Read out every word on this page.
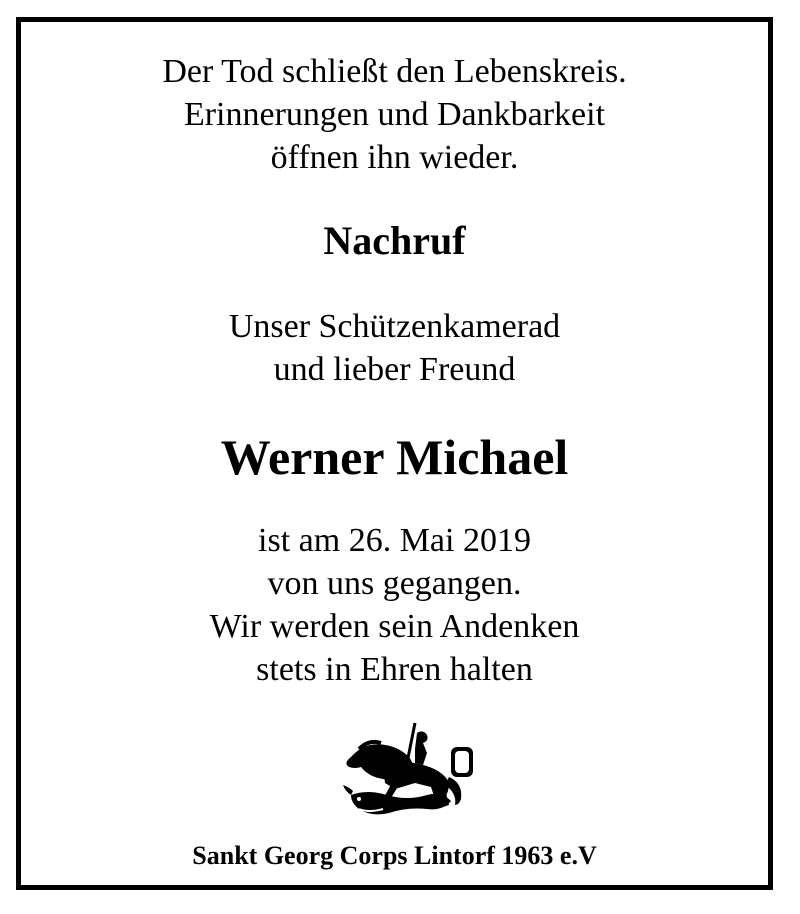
Der Tod schließt den Lebenskreis.
Erinnerungen und Dankbarkeit
öffnen ihn wieder.
Nachruf
Unser Schützenkamerad
und lieber Freund
Werner Michael
ist am 26. Mai 2019
von uns gegangen.
Wir werden sein Andenken
stets in Ehren halten
Sankt Georg Corps Lintorf 1963 e.V
